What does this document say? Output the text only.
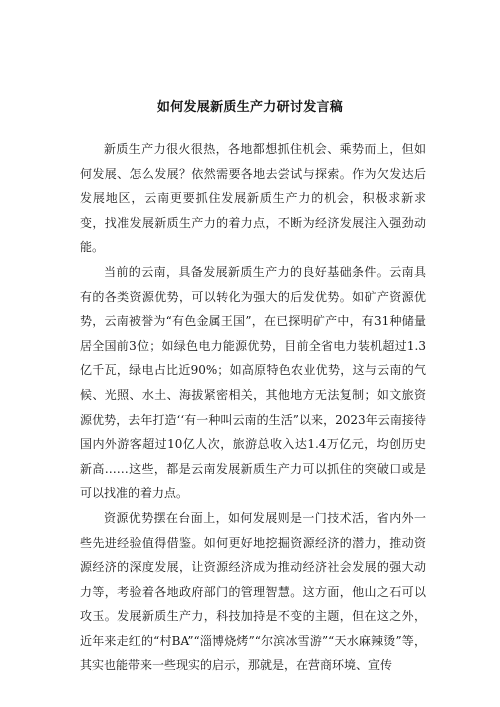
如何发展新质生产力研讨发言稿

新质生产力很火很热，各地都想抓住机会、乘势而上，但如何发展、怎么发展？依然需要各地去尝试与探索。作为欠发达后发展地区，云南更要抓住发展新质生产力的机会，积极求新求变，找准发展新质生产力的着力点，不断为经济发展注入强劲动能。

当前的云南，具备发展新质生产力的良好基础条件。云南具有的各类资源优势，可以转化为强大的后发优势。如矿产资源优势，云南被誉为“有色金属王国”，在已探明矿产中，有31种储量居全国前3位；如绿色电力能源优势，目前全省电力装机超过1.3亿千瓦，绿电占比近90%；如高原特色农业优势，这与云南的气候、光照、水土、海拔紧密相关，其他地方无法复制；如文旅资源优势，去年打造‘‘有一种叫云南的生活”以来，2023年云南接待国内外游客超过10亿人次，旅游总收入达1.4万亿元，均创历史新高……这些，都是云南发展新质生产力可以抓住的突破口或是可以找准的着力点。

资源优势摆在台面上，如何发展则是一门技术活，省内外一些先进经验值得借鉴。如何更好地挖掘资源经济的潜力，推动资源经济的深度发展，让资源经济成为推动经济社会发展的强大动力等，考验着各地政府部门的管理智慧。这方面，他山之石可以攻玉。发展新质生产力，科技加持是不变的主题，但在这之外，近年来走红的“村BA”“淄博烧烤”“尔滨冰雪游”“天水麻辣烫”等，其实也能带来一些现实的启示，那就是，在营商环境、宣传
